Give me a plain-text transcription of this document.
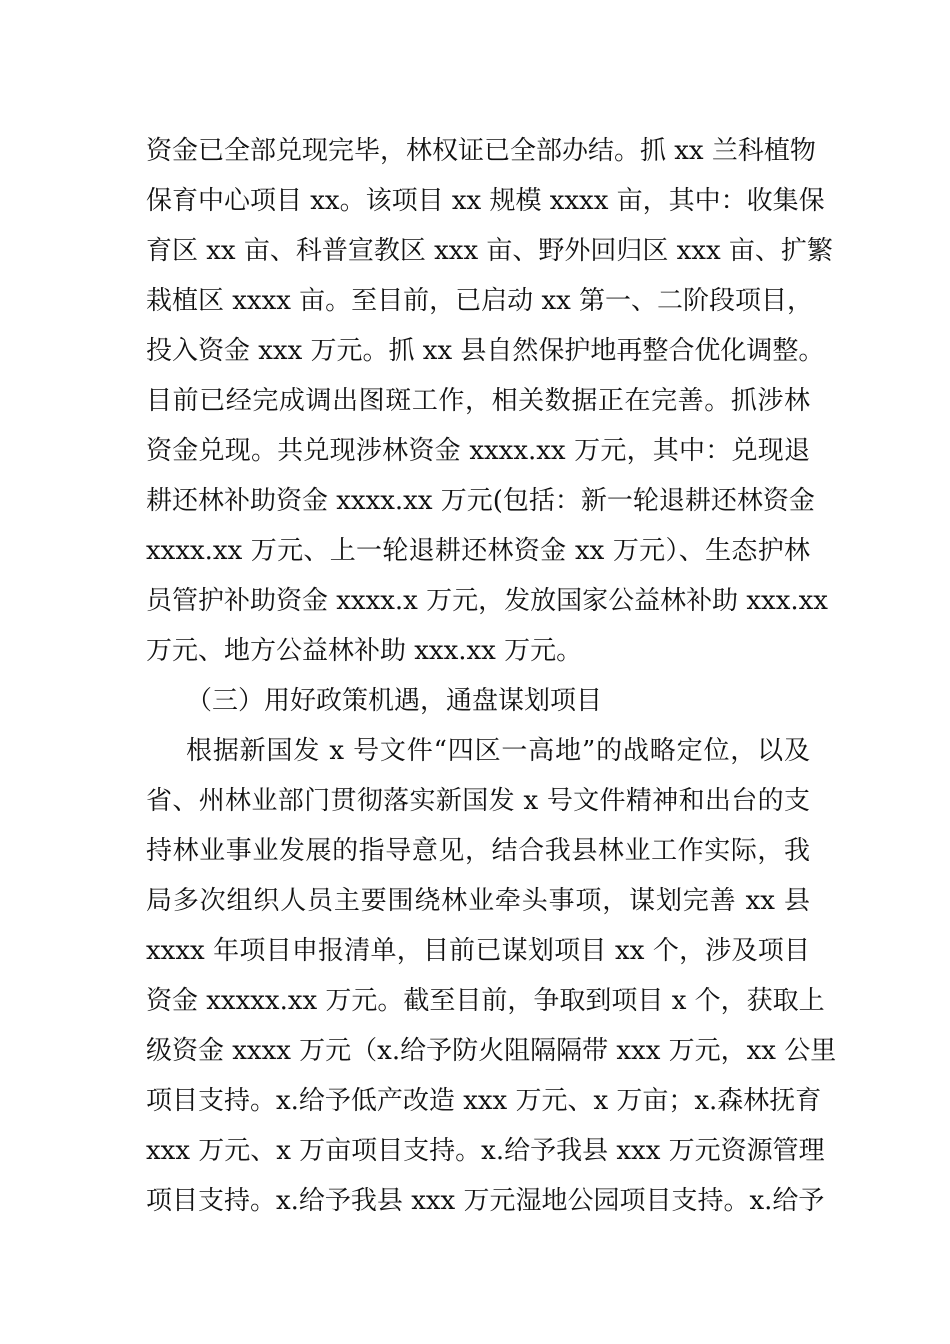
资金已全部兑现完毕，林权证已全部办结。抓 xx 兰科植物
保育中心项目 xx。该项目 xx 规模 xxxx 亩，其中：收集保
育区 xx 亩、科普宣教区 xxx 亩、野外回归区 xxx 亩、扩繁
栽植区 xxxx 亩。至目前，已启动 xx 第一、二阶段项目，
投入资金 xxx 万元。抓 xx 县自然保护地再整合优化调整。
目前已经完成调出图斑工作，相关数据正在完善。抓涉林
资金兑现。共兑现涉林资金 xxxx.xx 万元，其中：兑现退
耕还林补助资金 xxxx.xx 万元(包括：新一轮退耕还林资金
xxxx.xx 万元、上一轮退耕还林资金 xx 万元）、生态护林
员管护补助资金 xxxx.x 万元，发放国家公益林补助 xxx.xx
万元、地方公益林补助 xxx.xx 万元。
（三）用好政策机遇，通盘谋划项目
根据新国发 x 号文件“四区一高地”的战略定位，以及
省、州林业部门贯彻落实新国发 x 号文件精神和出台的支
持林业事业发展的指导意见，结合我县林业工作实际，我
局多次组织人员主要围绕林业牵头事项，谋划完善 xx 县
xxxx 年项目申报清单，目前已谋划项目 xx 个，涉及项目
资金 xxxxx.xx 万元。截至目前，争取到项目 x 个，获取上
级资金 xxxx 万元（x.给予防火阻隔隔带 xxx 万元，xx 公里
项目支持。x.给予低产改造 xxx 万元、x 万亩；x.森林抚育
xxx 万元、x 万亩项目支持。x.给予我县 xxx 万元资源管理
项目支持。x.给予我县 xxx 万元湿地公园项目支持。x.给予
